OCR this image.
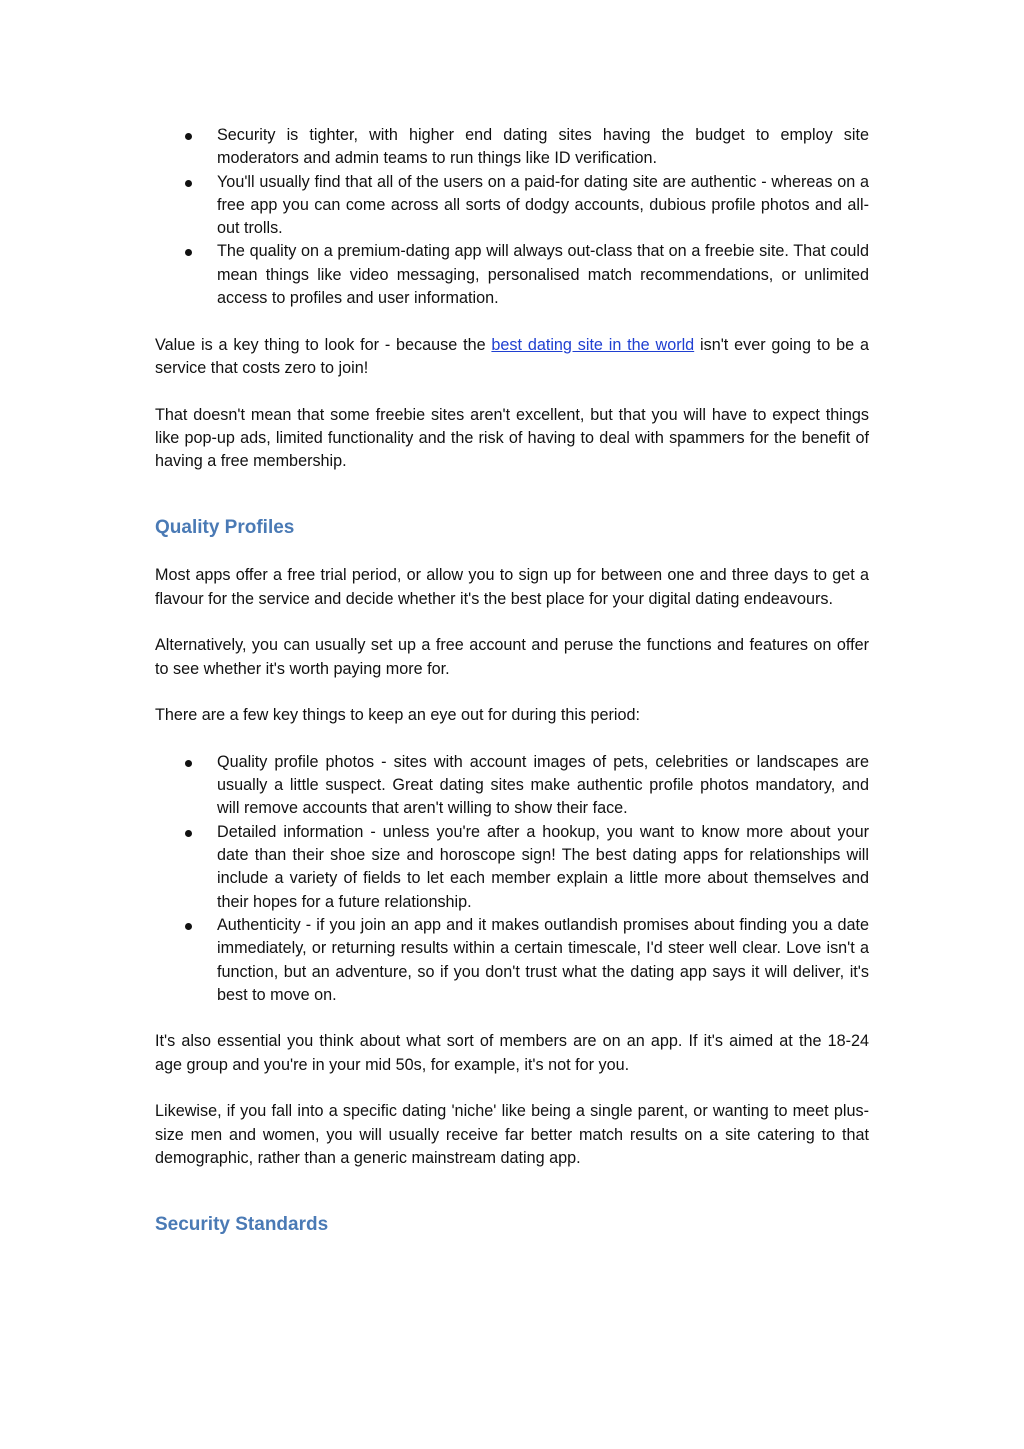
Security is tighter, with higher end dating sites having the budget to employ site moderators and admin teams to run things like ID verification.
You'll usually find that all of the users on a paid-for dating site are authentic - whereas on a free app you can come across all sorts of dodgy accounts, dubious profile photos and all-out trolls.
The quality on a premium-dating app will always out-class that on a freebie site. That could mean things like video messaging, personalised match recommendations, or unlimited access to profiles and user information.

Value is a key thing to look for - because the best dating site in the world isn't ever going to be a service that costs zero to join!

That doesn't mean that some freebie sites aren't excellent, but that you will have to expect things like pop-up ads, limited functionality and the risk of having to deal with spammers for the benefit of having a free membership.

Quality Profiles

Most apps offer a free trial period, or allow you to sign up for between one and three days to get a flavour for the service and decide whether it's the best place for your digital dating endeavours.

Alternatively, you can usually set up a free account and peruse the functions and features on offer to see whether it's worth paying more for.

There are a few key things to keep an eye out for during this period:

Quality profile photos - sites with account images of pets, celebrities or landscapes are usually a little suspect. Great dating sites make authentic profile photos mandatory, and will remove accounts that aren't willing to show their face.
Detailed information - unless you're after a hookup, you want to know more about your date than their shoe size and horoscope sign! The best dating apps for relationships will include a variety of fields to let each member explain a little more about themselves and their hopes for a future relationship.
Authenticity - if you join an app and it makes outlandish promises about finding you a date immediately, or returning results within a certain timescale, I'd steer well clear. Love isn't a function, but an adventure, so if you don't trust what the dating app says it will deliver, it's best to move on.

It's also essential you think about what sort of members are on an app. If it's aimed at the 18-24 age group and you're in your mid 50s, for example, it's not for you.

Likewise, if you fall into a specific dating 'niche' like being a single parent, or wanting to meet plus-size men and women, you will usually receive far better match results on a site catering to that demographic, rather than a generic mainstream dating app.

Security Standards
